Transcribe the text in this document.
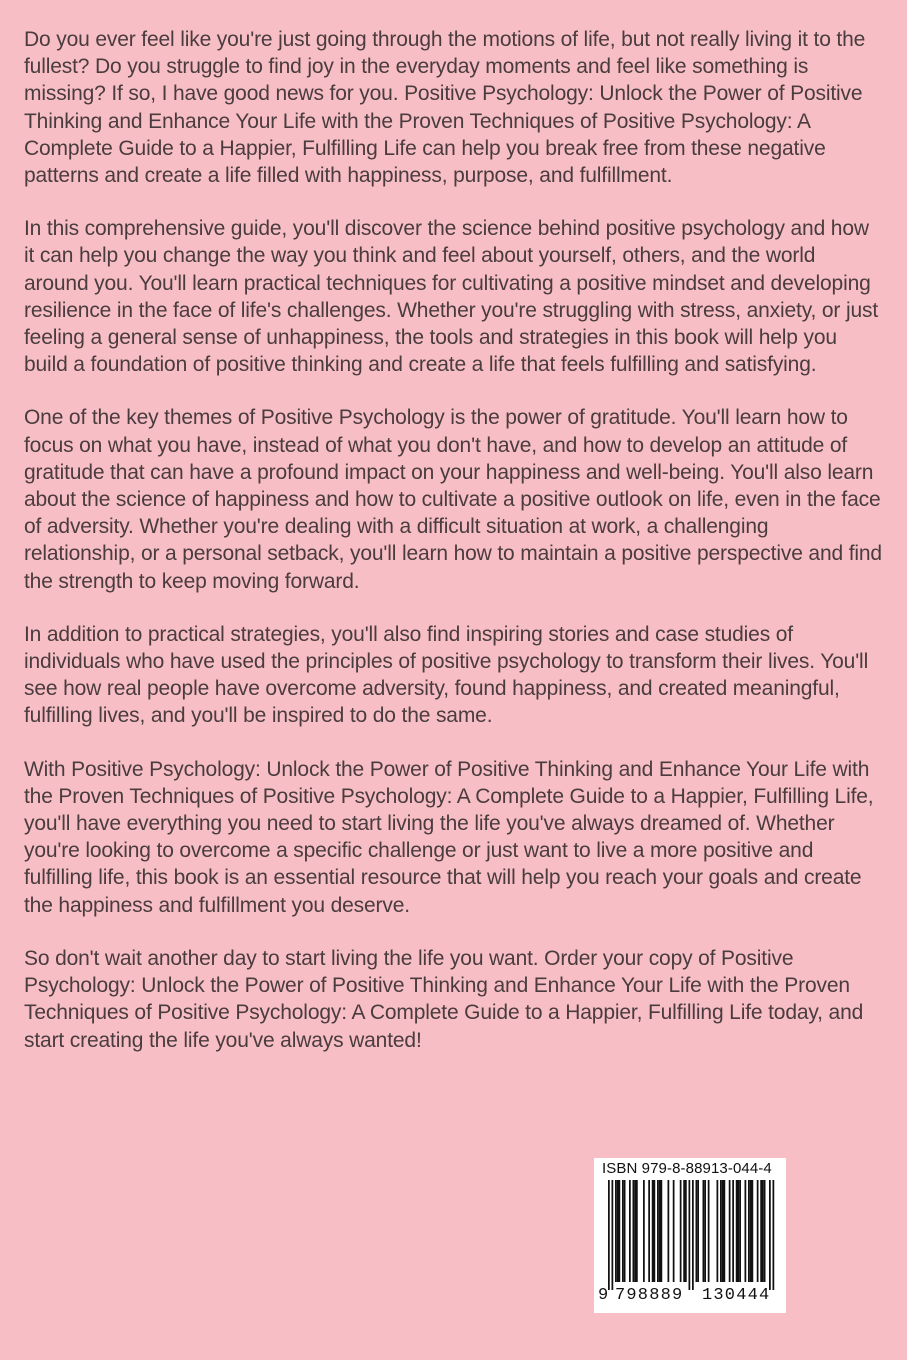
Do you ever feel like you're just going through the motions of life, but not really living it to the fullest? Do you struggle to find joy in the everyday moments and feel like something is missing? If so, I have good news for you. Positive Psychology: Unlock the Power of Positive Thinking and Enhance Your Life with the Proven Techniques of Positive Psychology: A Complete Guide to a Happier, Fulfilling Life can help you break free from these negative patterns and create a life filled with happiness, purpose, and fulfillment.

In this comprehensive guide, you'll discover the science behind positive psychology and how it can help you change the way you think and feel about yourself, others, and the world around you. You'll learn practical techniques for cultivating a positive mindset and developing resilience in the face of life's challenges. Whether you're struggling with stress, anxiety, or just feeling a general sense of unhappiness, the tools and strategies in this book will help you build a foundation of positive thinking and create a life that feels fulfilling and satisfying.

One of the key themes of Positive Psychology is the power of gratitude. You'll learn how to focus on what you have, instead of what you don't have, and how to develop an attitude of gratitude that can have a profound impact on your happiness and well-being. You'll also learn about the science of happiness and how to cultivate a positive outlook on life, even in the face of adversity. Whether you're dealing with a difficult situation at work, a challenging relationship, or a personal setback, you'll learn how to maintain a positive perspective and find the strength to keep moving forward.

In addition to practical strategies, you'll also find inspiring stories and case studies of individuals who have used the principles of positive psychology to transform their lives. You'll see how real people have overcome adversity, found happiness, and created meaningful, fulfilling lives, and you'll be inspired to do the same.

With Positive Psychology: Unlock the Power of Positive Thinking and Enhance Your Life with the Proven Techniques of Positive Psychology: A Complete Guide to a Happier, Fulfilling Life, you'll have everything you need to start living the life you've always dreamed of. Whether you're looking to overcome a specific challenge or just want to live a more positive and fulfilling life, this book is an essential resource that will help you reach your goals and create the happiness and fulfillment you deserve.

So don't wait another day to start living the life you want. Order your copy of Positive Psychology: Unlock the Power of Positive Thinking and Enhance Your Life with the Proven Techniques of Positive Psychology: A Complete Guide to a Happier, Fulfilling Life today, and start creating the life you've always wanted!

ISBN 979-8-88913-044-4
9 798889 130444
